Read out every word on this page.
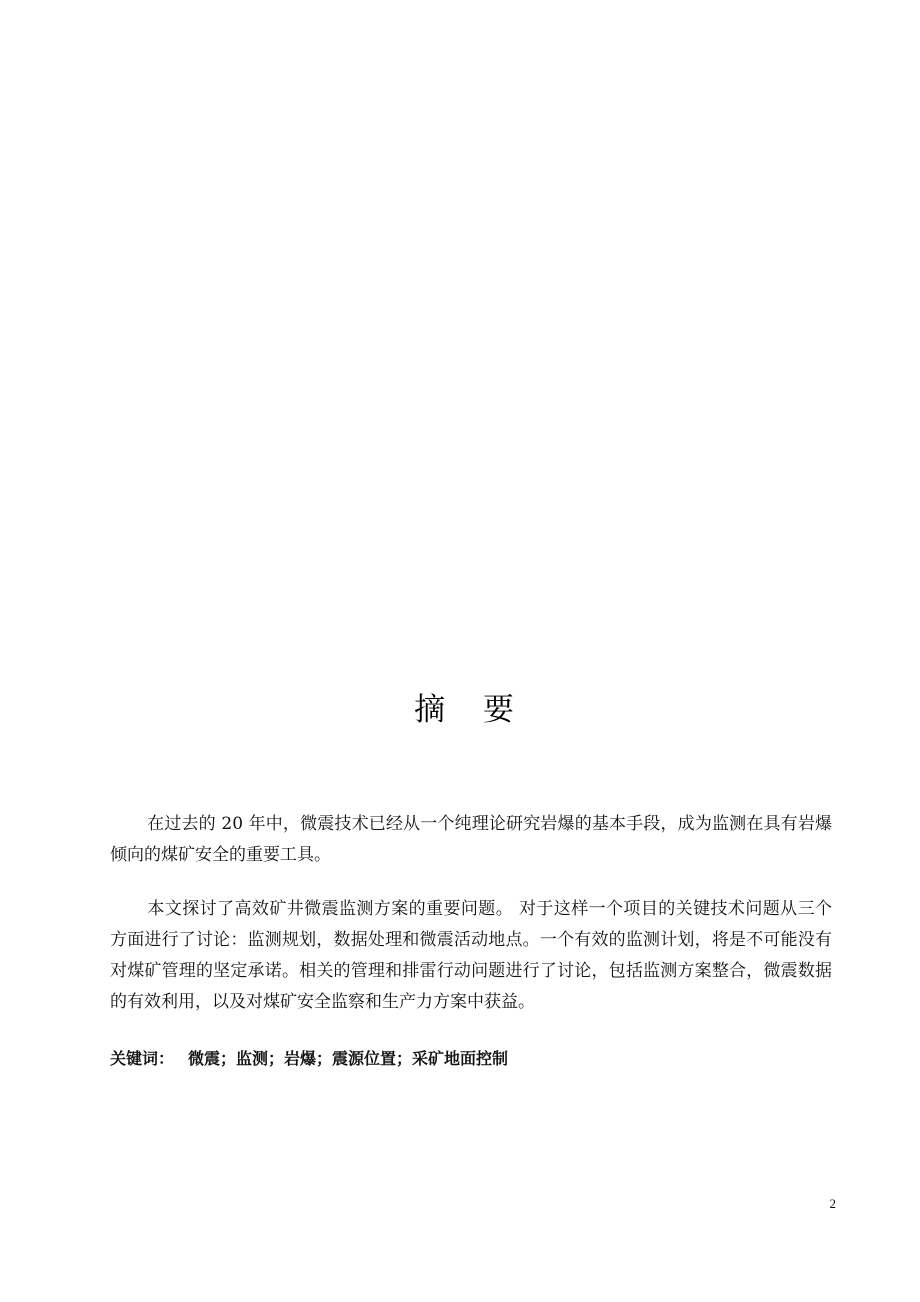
摘 要

在过去的 20 年中，微震技术已经从一个纯理论研究岩爆的基本手段，成为监测在具有岩爆倾向的煤矿安全的重要工具。

本文探讨了高效矿井微震监测方案的重要问题。 对于这样一个项目的关键技术问题从三个方面进行了讨论：监测规划，数据处理和微震活动地点。一个有效的监测计划，将是不可能没有对煤矿管理的坚定承诺。相关的管理和排雷行动问题进行了讨论，包括监测方案整合，微震数据的有效利用，以及对煤矿安全监察和生产力方案中获益。

关键词： 微震；监测；岩爆；震源位置；采矿地面控制
2
